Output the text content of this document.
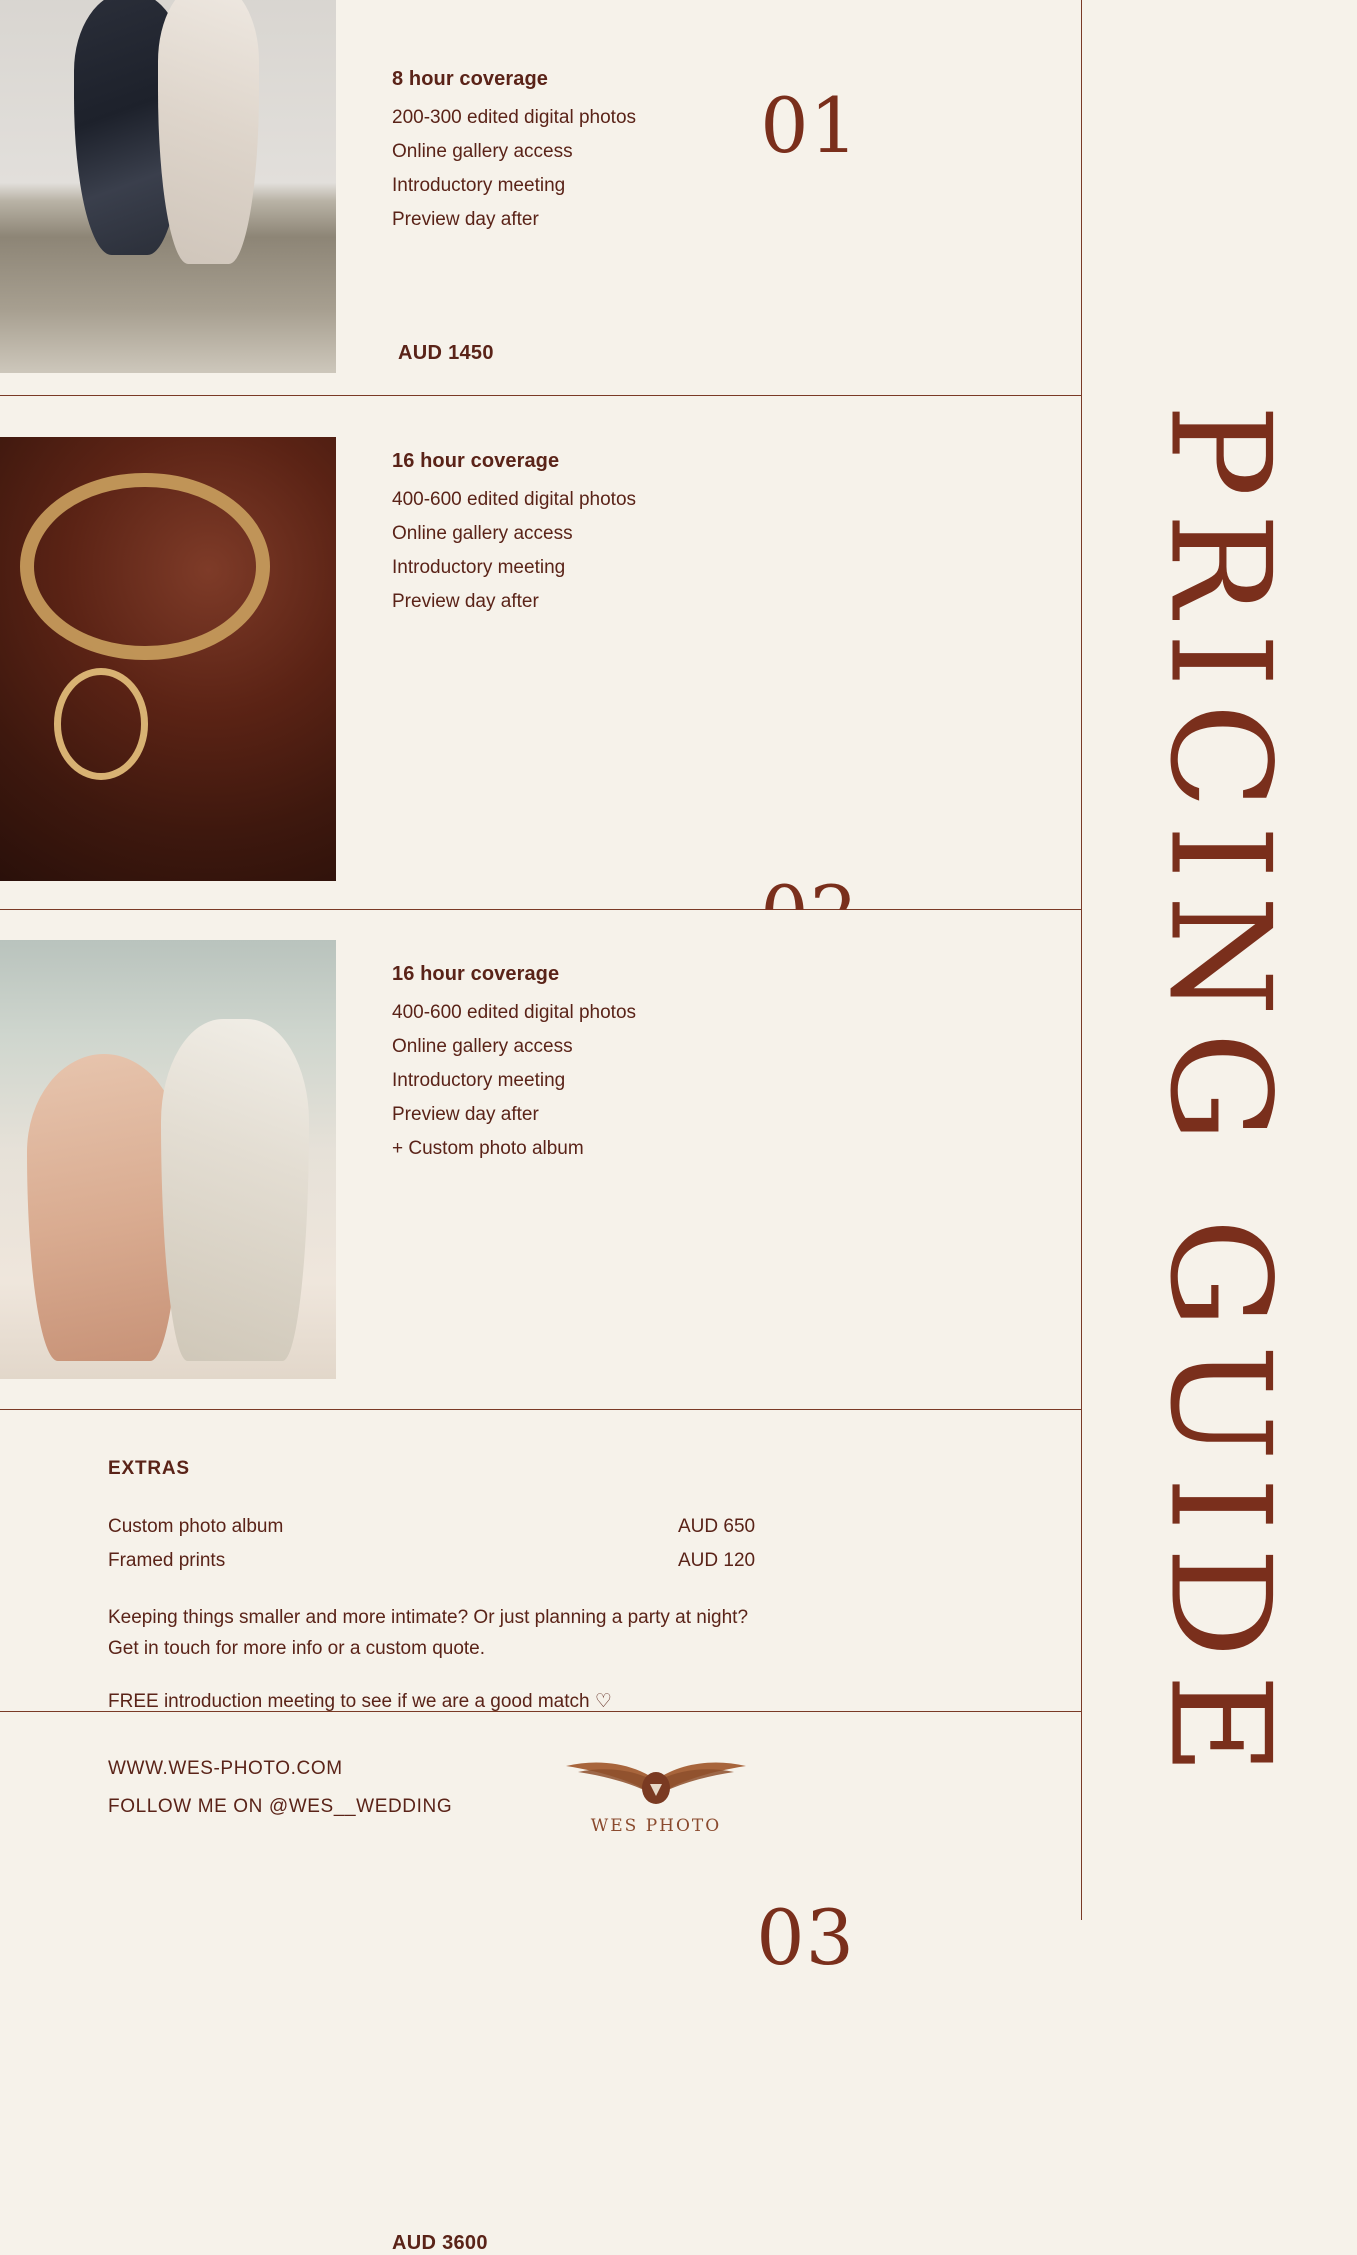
8 hour coverage
200-300 edited digital photos
Online gallery access
Introductory meeting
Preview day after
01
AUD 1450
16 hour coverage
400-600 edited digital photos
Online gallery access
Introductory meeting
Preview day after
16 hour coverage
400-600 edited digital photos
Online gallery access
Introductory meeting
Preview day after
+ Custom photo album
03
AUD 3600
EXTRAS
Custom photo album	AUD 650
Framed prints	AUD 120
Keeping things smaller and more intimate? Or just planning a party at night?
Get in touch for more info or a custom quote.
FREE introduction meeting to see if we are a good match ♡
WWW.WES-PHOTO.COM
FOLLOW ME ON @WES__WEDDING
WES PHOTO
PRICING GUIDE
